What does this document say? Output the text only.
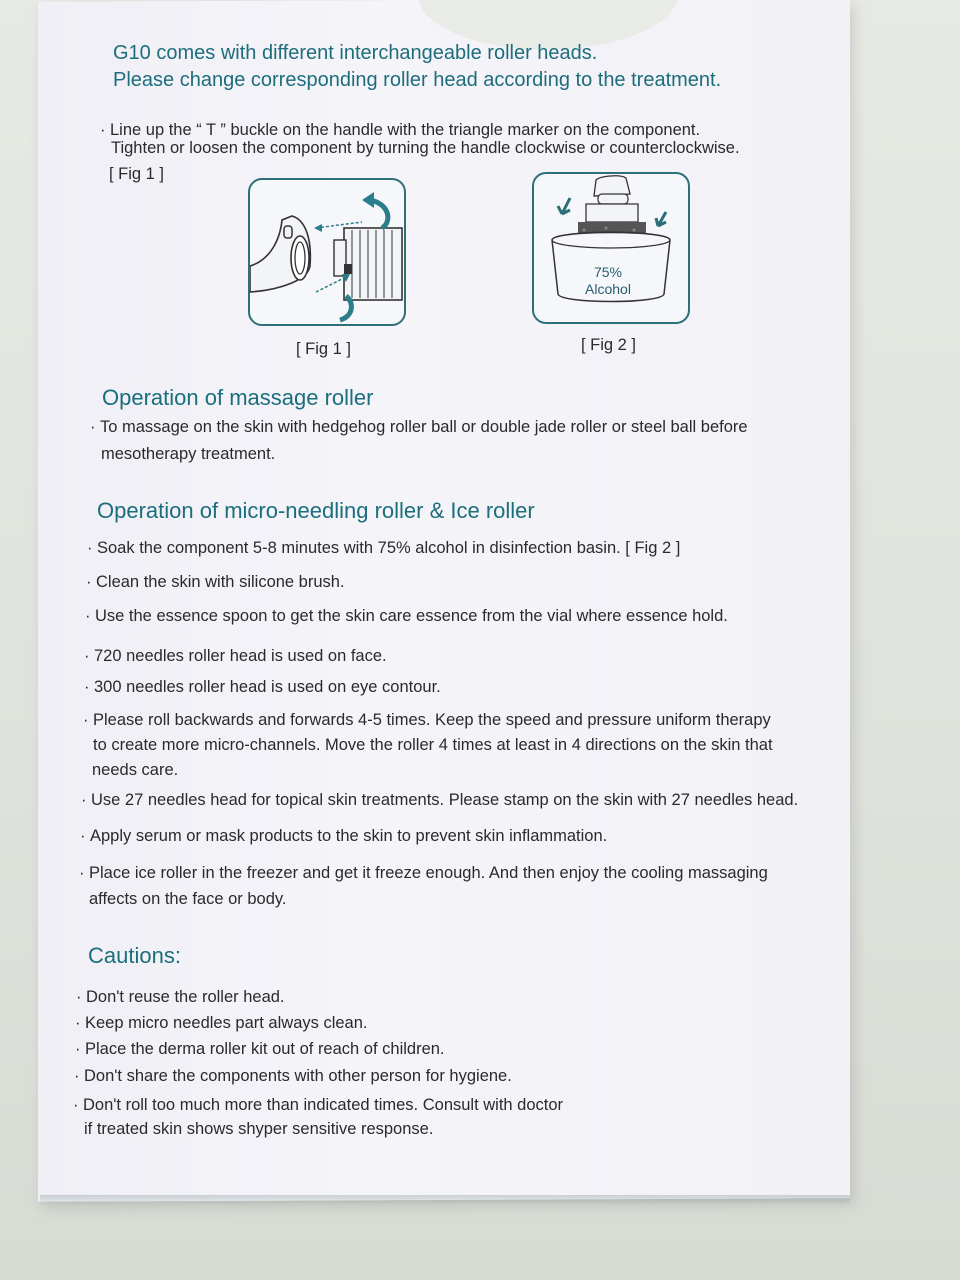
G10 comes with different interchangeable roller heads.
Please change corresponding roller head according to the treatment.
· Line up the “ T ” buckle on the handle with the triangle marker on the component.
Tighten or loosen the component by turning the handle clockwise or counterclockwise.
[ Fig 1 ]
[ Fig 1 ]
75%
Alcohol
[ Fig 2 ]
Operation of massage roller
· To massage on the skin with hedgehog roller ball or double jade roller or steel ball before
mesotherapy treatment.
Operation of micro-needling roller & Ice roller
· Soak the component 5-8 minutes with 75% alcohol in disinfection basin. [ Fig 2 ]
· Clean the skin with silicone brush.
· Use the essence spoon to get the skin care essence from the vial where essence hold.
· 720 needles roller head is used on face.
· 300 needles roller head is used on eye contour.
· Please roll backwards and forwards 4-5 times. Keep the speed and pressure uniform therapy
to create more micro-channels. Move the roller 4 times at least in 4 directions on the skin that
needs care.
· Use 27 needles head for topical skin treatments. Please stamp on the skin with 27 needles head.
· Apply serum or mask products to the skin to prevent skin inflammation.
· Place ice roller in the freezer and get it freeze enough. And then enjoy the cooling massaging
affects on the face or body.
Cautions:
· Don't reuse the roller head.
· Keep micro needles part always clean.
· Place the derma roller kit out of reach of children.
· Don't share the components with other person for hygiene.
· Don't roll too much more than indicated times. Consult with doctor
if treated skin shows shyper sensitive response.
